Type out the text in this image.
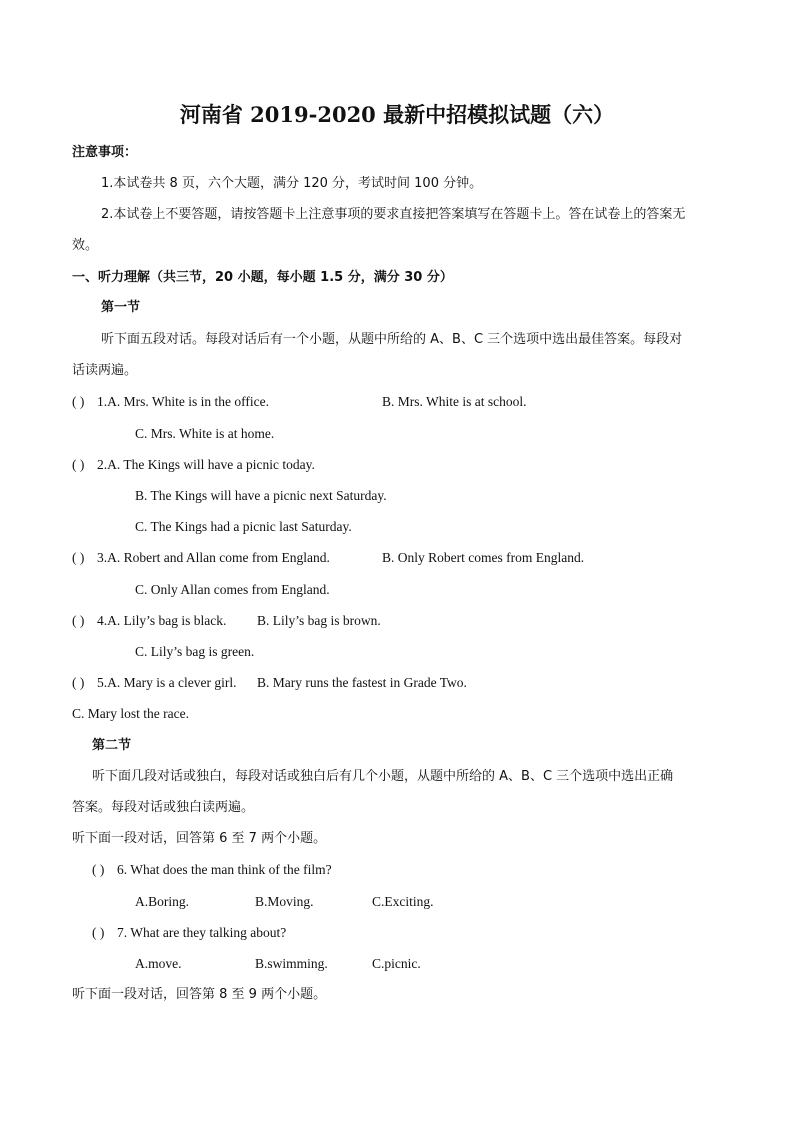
河南省 2019-2020 最新中招模拟试题（六）
注意事项：
1.本试卷共 8 页，六个大题，满分 120 分，考试时间 100 分钟。
2.本试卷上不要答题，请按答题卡上注意事项的要求直接把答案填写在答题卡上。答在试卷上的答案无
效。
一、听力理解（共三节，20 小题，每小题 1.5 分，满分 30 分）
第一节
听下面五段对话。每段对话后有一个小题，从题中所给的 A、B、C 三个选项中选出最佳答案。每段对
话读两遍。
( ) 1.A. Mrs. White is in the office.	B. Mrs. White is at school.
C. Mrs. White is at home.
( ) 2.A. The Kings will have a picnic today.
B. The Kings will have a picnic next Saturday.
C. The Kings had a picnic last Saturday.
( ) 3.A. Robert and Allan come from England.	B. Only Robert comes from England.
C. Only Allan comes from England.
( ) 4.A. Lily’s bag is black. B. Lily’s bag is brown.
C. Lily’s bag is green.
( ) 5.A. Mary is a clever girl. B. Mary runs the fastest in Grade Two.
C. Mary lost the race.
第二节
听下面几段对话或独白，每段对话或独白后有几个小题，从题中所给的 A、B、C 三个选项中选出正确
答案。每段对话或独白读两遍。
听下面一段对话，回答第 6 至 7 两个小题。
( ) 6. What does the man think of the film?
A.Boring.	B.Moving.	C.Exciting.
( ) 7. What are they talking about?
A.move.	B.swimming.	C.picnic.
听下面一段对话，回答第 8 至 9 两个小题。
